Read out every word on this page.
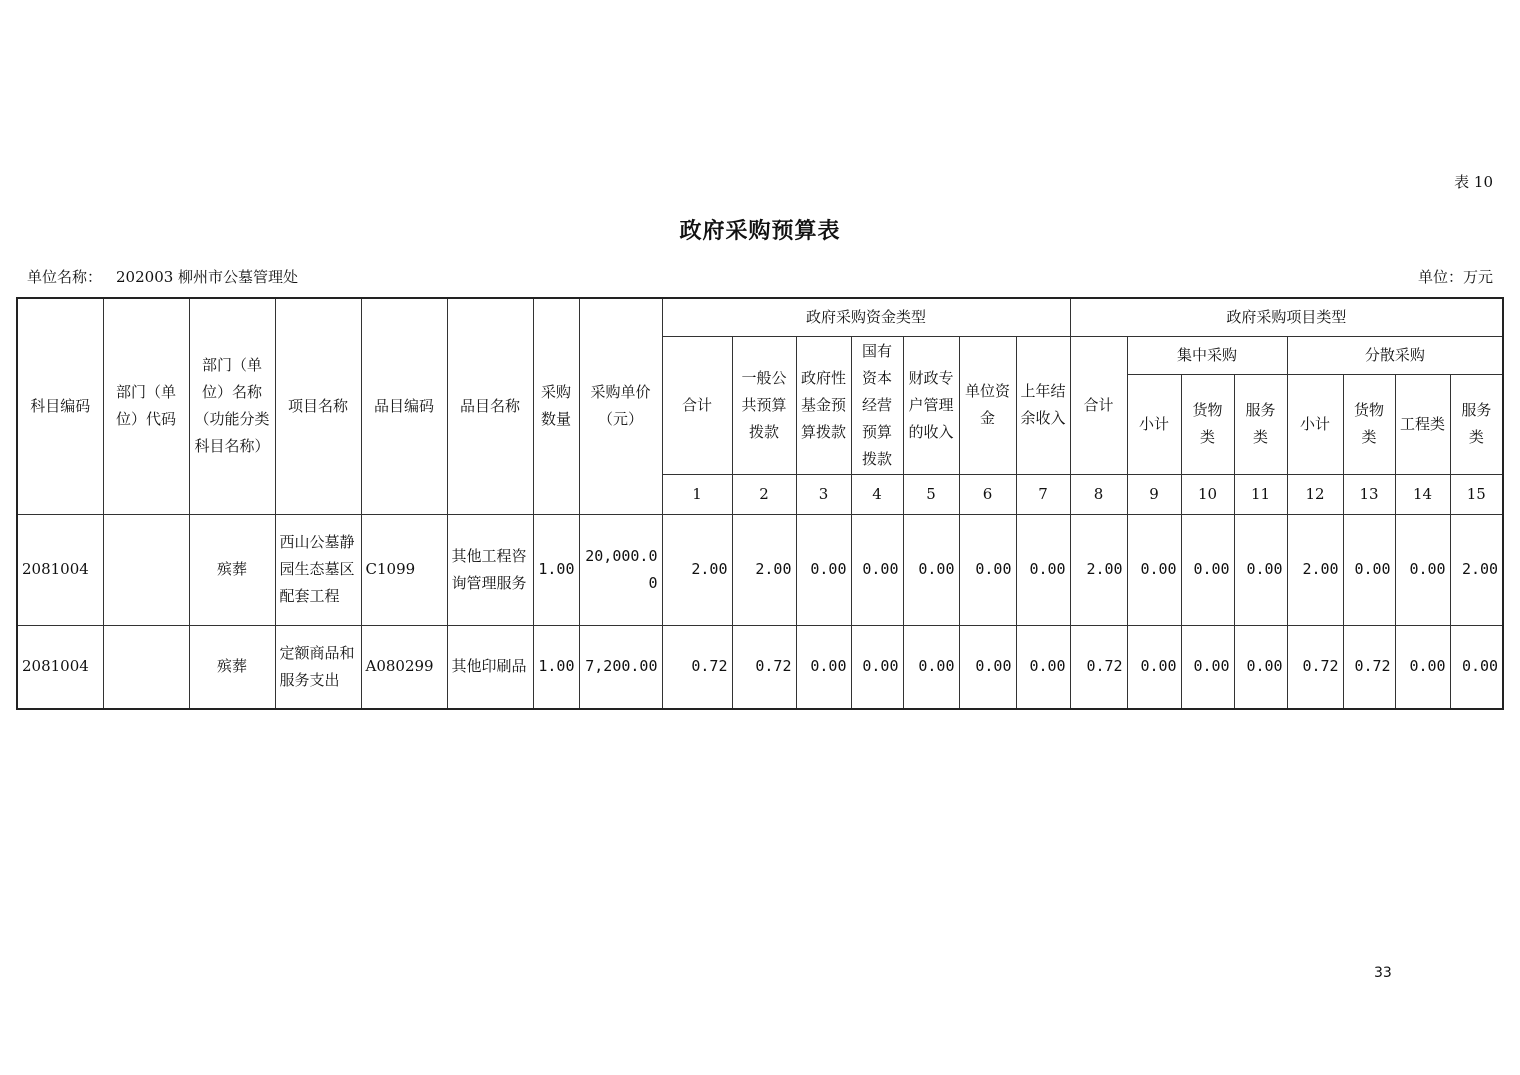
表 10
政府采购预算表
单位名称： 202003 柳州市公墓管理处	单位：万元
科目编码	部门（单位）代码	部门（单位）名称（功能分类科目名称）	项目名称	品目编码	品目名称	采购数量	采购单价（元）	政府采购资金类型							政府采购项目类型							
								合计	一般公共预算拨款	政府性基金预算拨款	国有资本经营预算拨款	财政专户管理的收入	单位资金	上年结余收入	合计	集中采购			分散采购			
																小计	货物类	服务类	小计	货物类	工程类	服务类
								1	2	3	4	5	6	7	8	9	10	11	12	13	14	15
2081004		殡葬	西山公墓静园生态墓区配套工程	C1099	其他工程咨询管理服务	1.00	20,000.00	2.00	2.00	0.00	0.00	0.00	0.00	0.00	2.00	0.00	0.00	0.00	2.00	0.00	0.00	2.00
2081004		殡葬	定额商品和服务支出	A080299	其他印刷品	1.00	7,200.00	0.72	0.72	0.00	0.00	0.00	0.00	0.00	0.72	0.00	0.00	0.00	0.72	0.72	0.00	0.00
33
